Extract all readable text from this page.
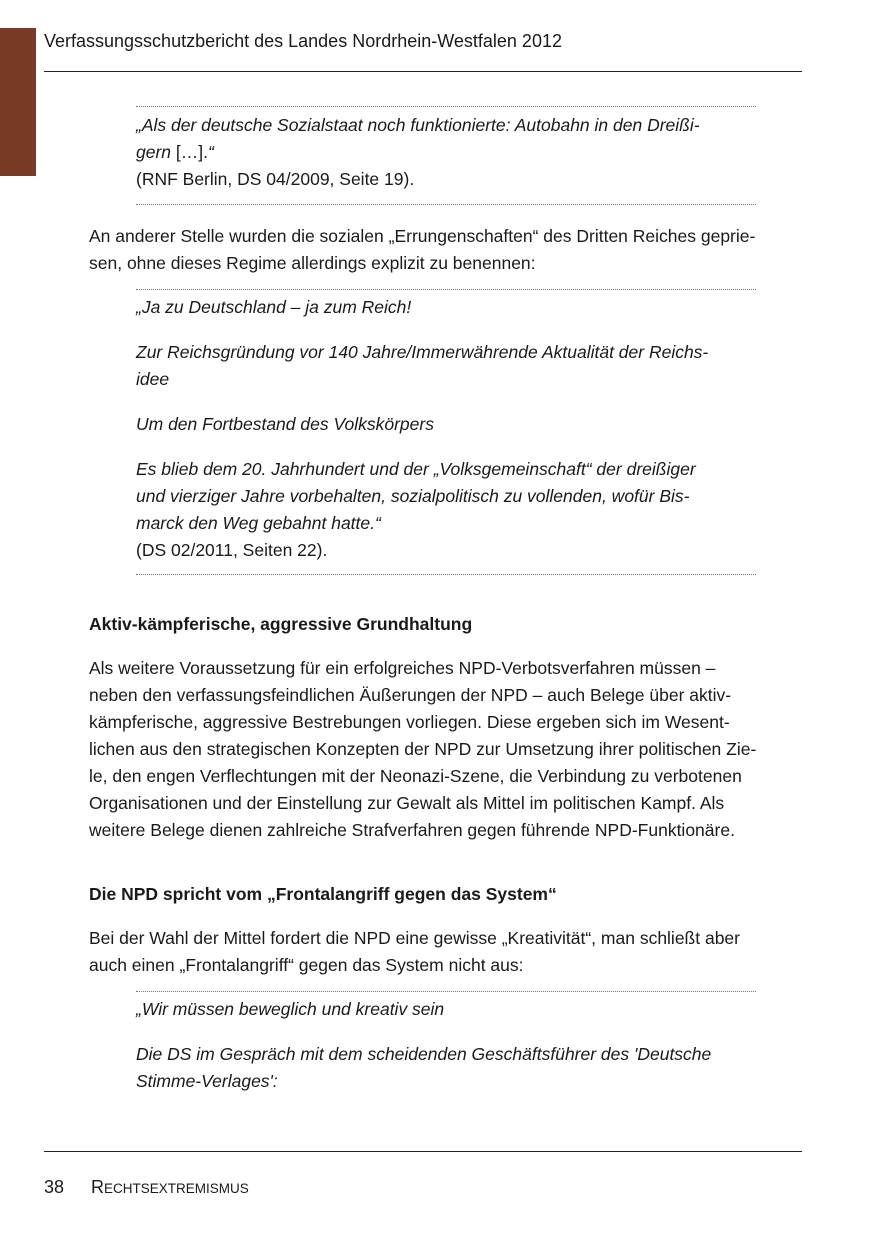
Verfassungsschutzbericht des Landes Nordrhein-Westfalen 2012

„Als der deutsche Sozialstaat noch funktionierte: Autobahn in den Dreißi-

gern […].“

(RNF Berlin, DS 04/2009, Seite 19).

An anderer Stelle wurden die sozialen „Errungenschaften“ des Dritten Reiches geprie-

sen, ohne dieses Regime allerdings explizit zu benennen:

„Ja zu Deutschland – ja zum Reich!

Zur Reichsgründung vor 140 Jahre/Immerwährende Aktualität der Reichs-

idee

Um den Fortbestand des Volkskörpers

Es blieb dem 20. Jahrhundert und der „Volksgemeinschaft“ der dreißiger

und vierziger Jahre vorbehalten, sozialpolitisch zu vollenden, wofür Bis-

marck den Weg gebahnt hatte.“

(DS 02/2011, Seiten 22).

Aktiv-kämpferische, aggressive Grundhaltung

Als weitere Voraussetzung für ein erfolgreiches NPD-Verbotsverfahren müssen –

neben den verfassungsfeindlichen Äußerungen der NPD – auch Belege über aktiv-

kämpferische, aggressive Bestrebungen vorliegen. Diese ergeben sich im Wesent-

lichen aus den strategischen Konzepten der NPD zur Umsetzung ihrer politischen Zie-

le, den engen Verflechtungen mit der Neonazi-Szene, die Verbindung zu verbotenen

Organisationen und der Einstellung zur Gewalt als Mittel im politischen Kampf. Als

weitere Belege dienen zahlreiche Strafverfahren gegen führende NPD-Funktionäre.

Die NPD spricht vom „Frontalangriff gegen das System“

Bei der Wahl der Mittel fordert die NPD eine gewisse „Kreativität“, man schließt aber

auch einen „Frontalangriff“ gegen das System nicht aus:

„Wir müssen beweglich und kreativ sein

Die DS im Gespräch mit dem scheidenden Geschäftsführer des 'Deutsche

Stimme-Verlages':

38 RECHTSEXTREMISMUS
